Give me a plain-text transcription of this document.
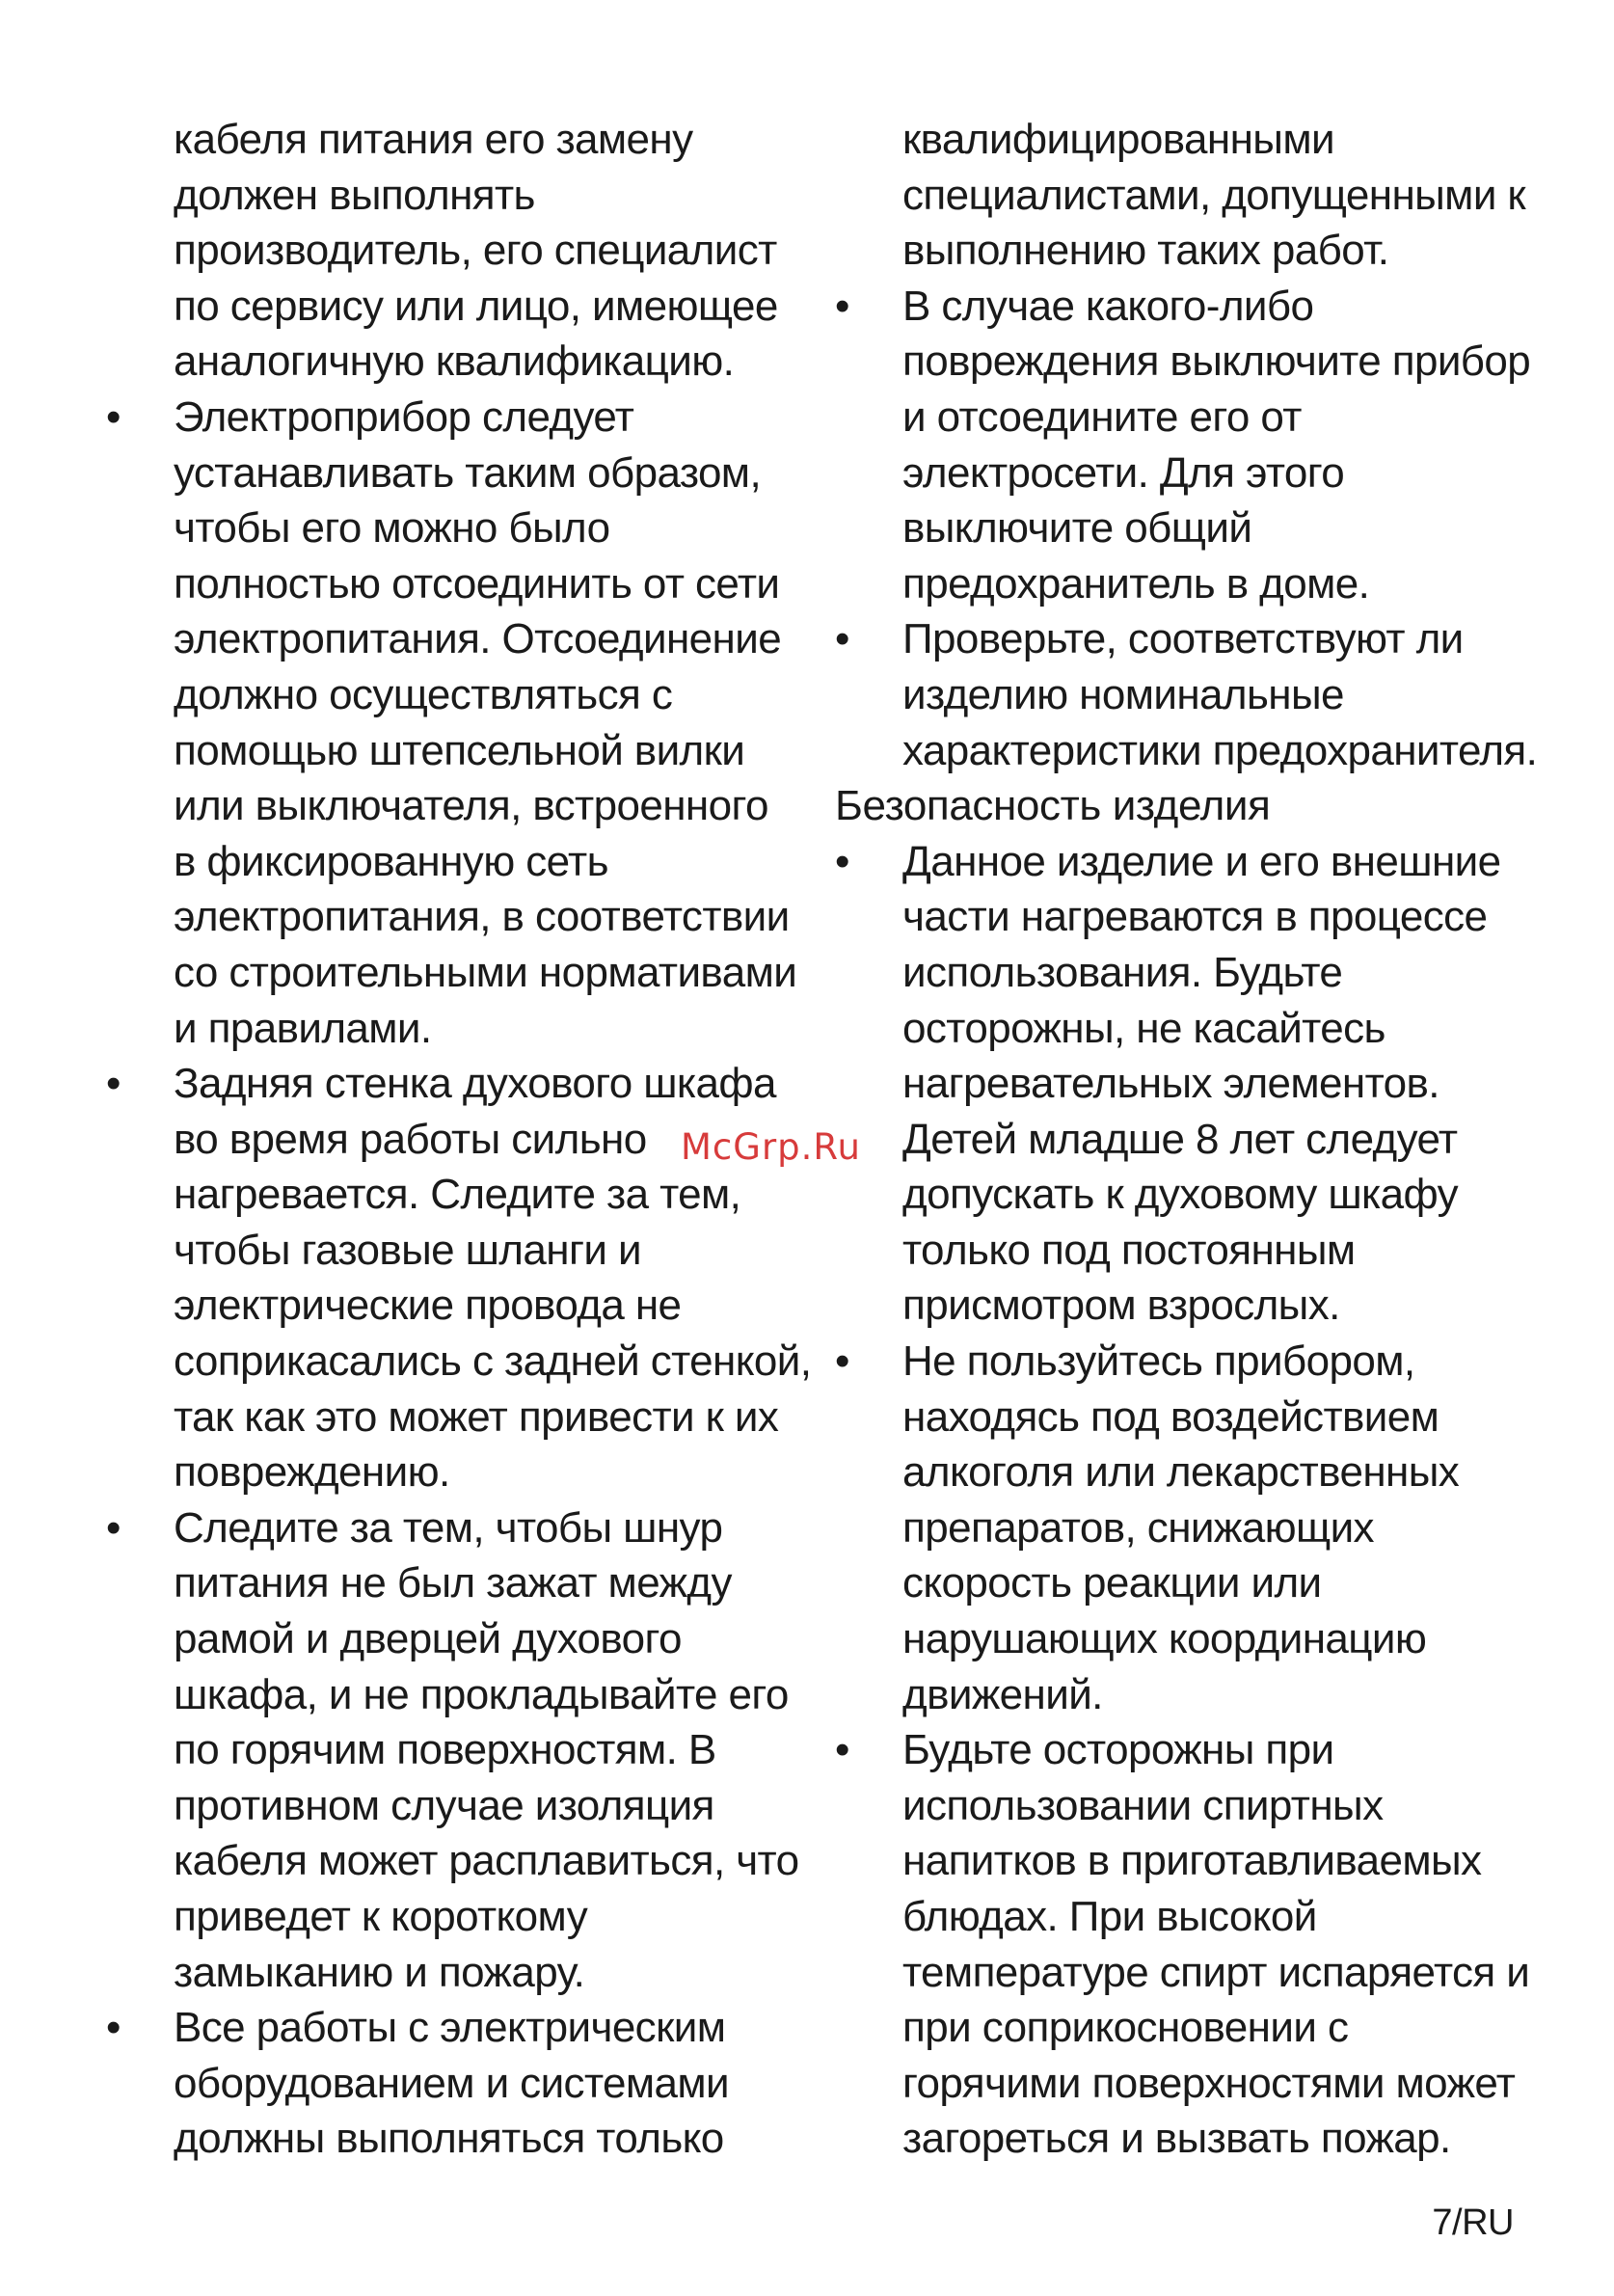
кабеля питания его замену
должен выполнять
производитель, его специалист
по сервису или лицо, имеющее
аналогичную квалификацию.
• Электроприбор следует
устанавливать таким образом,
чтобы его можно было
полностью отсоединить от сети
электропитания. Отсоединение
должно осуществляться с
помощью штепсельной вилки
или выключателя, встроенного
в фиксированную сеть
электропитания, в соответствии
со строительными нормативами
и правилами.
• Задняя стенка духового шкафа
во время работы сильно
нагревается. Следите за тем,
чтобы газовые шланги и
электрические провода не
соприкасались с задней стенкой,
так как это может привести к их
повреждению.
• Следите за тем, чтобы шнур
питания не был зажат между
рамой и дверцей духового
шкафа, и не прокладывайте его
по горячим поверхностям. В
противном случае изоляция
кабеля может расплавиться, что
приведет к короткому
замыканию и пожару.
• Все работы с электрическим
оборудованием и системами
должны выполняться только
квалифицированными
специалистами, допущенными к
выполнению таких работ.
• В случае какого-либо
повреждения выключите прибор
и отсоедините его от
электросети. Для этого
выключите общий
предохранитель в доме.
• Проверьте, соответствуют ли
изделию номинальные
характеристики предохранителя.
Безопасность изделия
• Данное изделие и его внешние
части нагреваются в процессе
использования. Будьте
осторожны, не касайтесь
нагревательных элементов.
Детей младше 8 лет следует
допускать к духовому шкафу
только под постоянным
присмотром взрослых.
• Не пользуйтесь прибором,
находясь под воздействием
алкоголя или лекарственных
препаратов, снижающих
скорость реакции или
нарушающих координацию
движений.
• Будьте осторожны при
использовании спиртных
напитков в приготавливаемых
блюдах. При высокой
температуре спирт испаряется и
при соприкосновении с
горячими поверхностями может
загореться и вызвать пожар.
McGrp.Ru
7/RU
